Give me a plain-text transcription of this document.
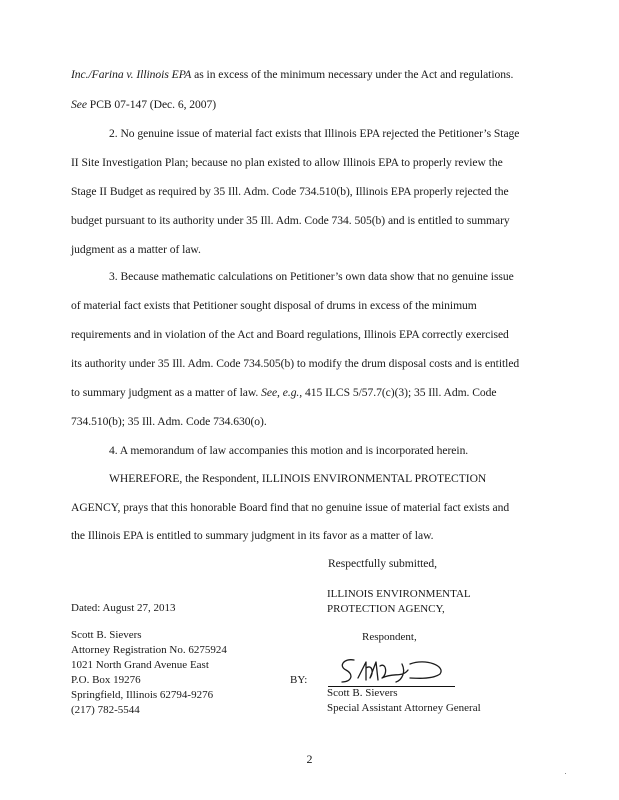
Inc./Farina v. Illinois EPA as in excess of the minimum necessary under the Act and regulations.
See PCB 07-147 (Dec. 6, 2007)
2. No genuine issue of material fact exists that Illinois EPA rejected the Petitioner’s Stage
II Site Investigation Plan; because no plan existed to allow Illinois EPA to properly review the
Stage II Budget as required by 35 Ill. Adm. Code 734.510(b), Illinois EPA properly rejected the
budget pursuant to its authority under 35 Ill. Adm. Code 734. 505(b) and is entitled to summary
judgment as a matter of law.
3. Because mathematic calculations on Petitioner’s own data show that no genuine issue
of material fact exists that Petitioner sought disposal of drums in excess of the minimum
requirements and in violation of the Act and Board regulations, Illinois EPA correctly exercised
its authority under 35 Ill. Adm. Code 734.505(b) to modify the drum disposal costs and is entitled
to summary judgment as a matter of law. See, e.g., 415 ILCS 5/57.7(c)(3); 35 Ill. Adm. Code
734.510(b); 35 Ill. Adm. Code 734.630(o).
4. A memorandum of law accompanies this motion and is incorporated herein.
WHEREFORE, the Respondent, ILLINOIS ENVIRONMENTAL PROTECTION
AGENCY, prays that this honorable Board find that no genuine issue of material fact exists and
the Illinois EPA is entitled to summary judgment in its favor as a matter of law.
Respectfully submitted,
ILLINOIS ENVIRONMENTAL
PROTECTION AGENCY,
Dated: August 27, 2013
Respondent,
Scott B. Sievers
Attorney Registration No. 6275924
1021 North Grand Avenue East
P.O. Box 19276
Springfield, Illinois 62794-9276
(217) 782-5544
BY:
Scott B. Sievers
Special Assistant Attorney General
2
